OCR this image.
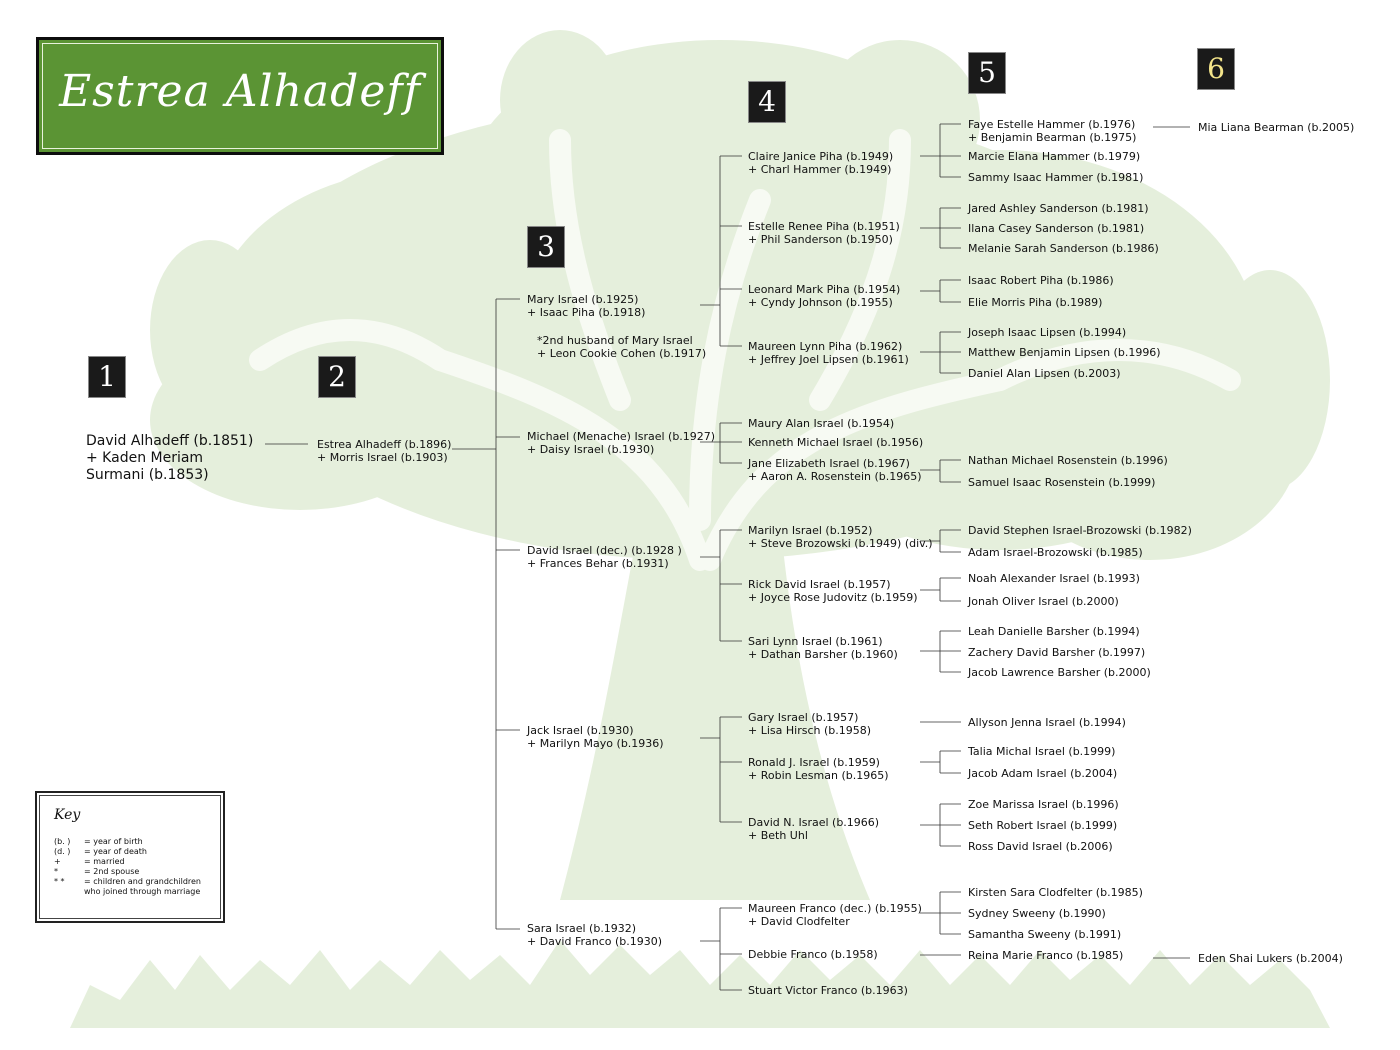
Estrea Alhadeff
1	2
3
4
5	6
David Alhadeff (b.1851)
+ Kaden Meriam
Surmani (b.1853)
Estrea Alhadeff (b.1896)
+ Morris Israel (b.1903)
Mary Israel (b.1925)
+ Isaac Piha (b.1918)
*2nd husband of Mary Israel
+ Leon Cookie Cohen (b.1917)
Michael (Menache) Israel (b.1927)
+ Daisy Israel (b.1930)
David Israel (dec.) (b.1928 )
+ Frances Behar (b.1931)
Jack Israel (b.1930)
+ Marilyn Mayo (b.1936)
Sara Israel (b.1932)
+ David Franco (b.1930)
Claire Janice Piha (b.1949)
+ Charl Hammer (b.1949)
Estelle Renee Piha (b.1951)
+ Phil Sanderson (b.1950)
Leonard Mark Piha (b.1954)
+ Cyndy Johnson (b.1955)
Maureen Lynn Piha (b.1962)
+ Jeffrey Joel Lipsen (b.1961)
Maury Alan Israel (b.1954)
Kenneth Michael Israel (b.1956)
Jane Elizabeth Israel (b.1967)
+ Aaron A. Rosenstein (b.1965)
Marilyn Israel (b.1952)
+ Steve Brozowski (b.1949) (div.)
Rick David Israel (b.1957)
+ Joyce Rose Judovitz (b.1959)
Sari Lynn Israel (b.1961)
+ Dathan Barsher (b.1960)
Gary Israel (b.1957)
+ Lisa Hirsch (b.1958)
Ronald J. Israel (b.1959)
+ Robin Lesman (b.1965)
David N. Israel (b.1966)
+ Beth Uhl
Maureen Franco (dec.) (b.1955)
+ David Clodfelter
Debbie Franco (b.1958)
Stuart Victor Franco (b.1963)
Faye Estelle Hammer (b.1976)
+ Benjamin Bearman (b.1975)
Marcie Elana Hammer (b.1979)
Sammy Isaac Hammer (b.1981)
Jared Ashley Sanderson (b.1981)
Ilana Casey Sanderson (b.1981)
Melanie Sarah Sanderson (b.1986)
Isaac Robert Piha (b.1986)
Elie Morris Piha (b.1989)
Joseph Isaac Lipsen (b.1994)
Matthew Benjamin Lipsen (b.1996)
Daniel Alan Lipsen (b.2003)
Nathan Michael Rosenstein (b.1996)
Samuel Isaac Rosenstein (b.1999)
David Stephen Israel-Brozowski (b.1982)
Adam Israel-Brozowski (b.1985)
Noah Alexander Israel (b.1993)
Jonah Oliver Israel (b.2000)
Leah Danielle Barsher (b.1994)
Zachery David Barsher (b.1997)
Jacob Lawrence Barsher (b.2000)
Allyson Jenna Israel (b.1994)
Talia Michal Israel (b.1999)
Jacob Adam Israel (b.2004)
Zoe Marissa Israel (b.1996)
Seth Robert Israel (b.1999)
Ross David Israel (b.2006)
Kirsten Sara Clodfelter (b.1985)
Sydney Sweeny (b.1990)
Samantha Sweeny (b.1991)
Reina Marie Franco (b.1985)
Mia Liana Bearman (b.2005)
Eden Shai Lukers (b.2004)
Key
(b. ) = year of birth
(d. ) = year of death
+	= married
*	= 2nd spouse
* * = children and grandchildren
who joined through marriage
